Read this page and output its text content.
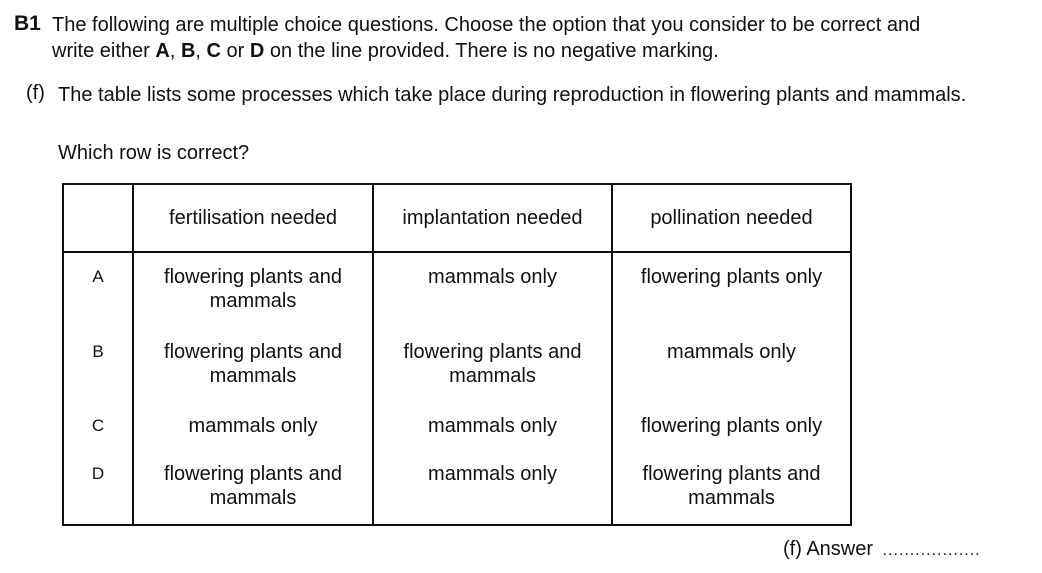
B1 The following are multiple choice questions. Choose the option that you consider to be correct and
write either A, B, C or D on the line provided. There is no negative marking.
(f) The table lists some processes which take place during reproduction in flowering plants and mammals.
Which row is correct?
	fertilisation needed	implantation needed	pollination needed
A	flowering plants and mammals	mammals only	flowering plants only
B	flowering plants and mammals	flowering plants and mammals	mammals only
C	mammals only	mammals only	flowering plants only
D	flowering plants and mammals	mammals only	flowering plants and mammals
(f) Answer ..................
